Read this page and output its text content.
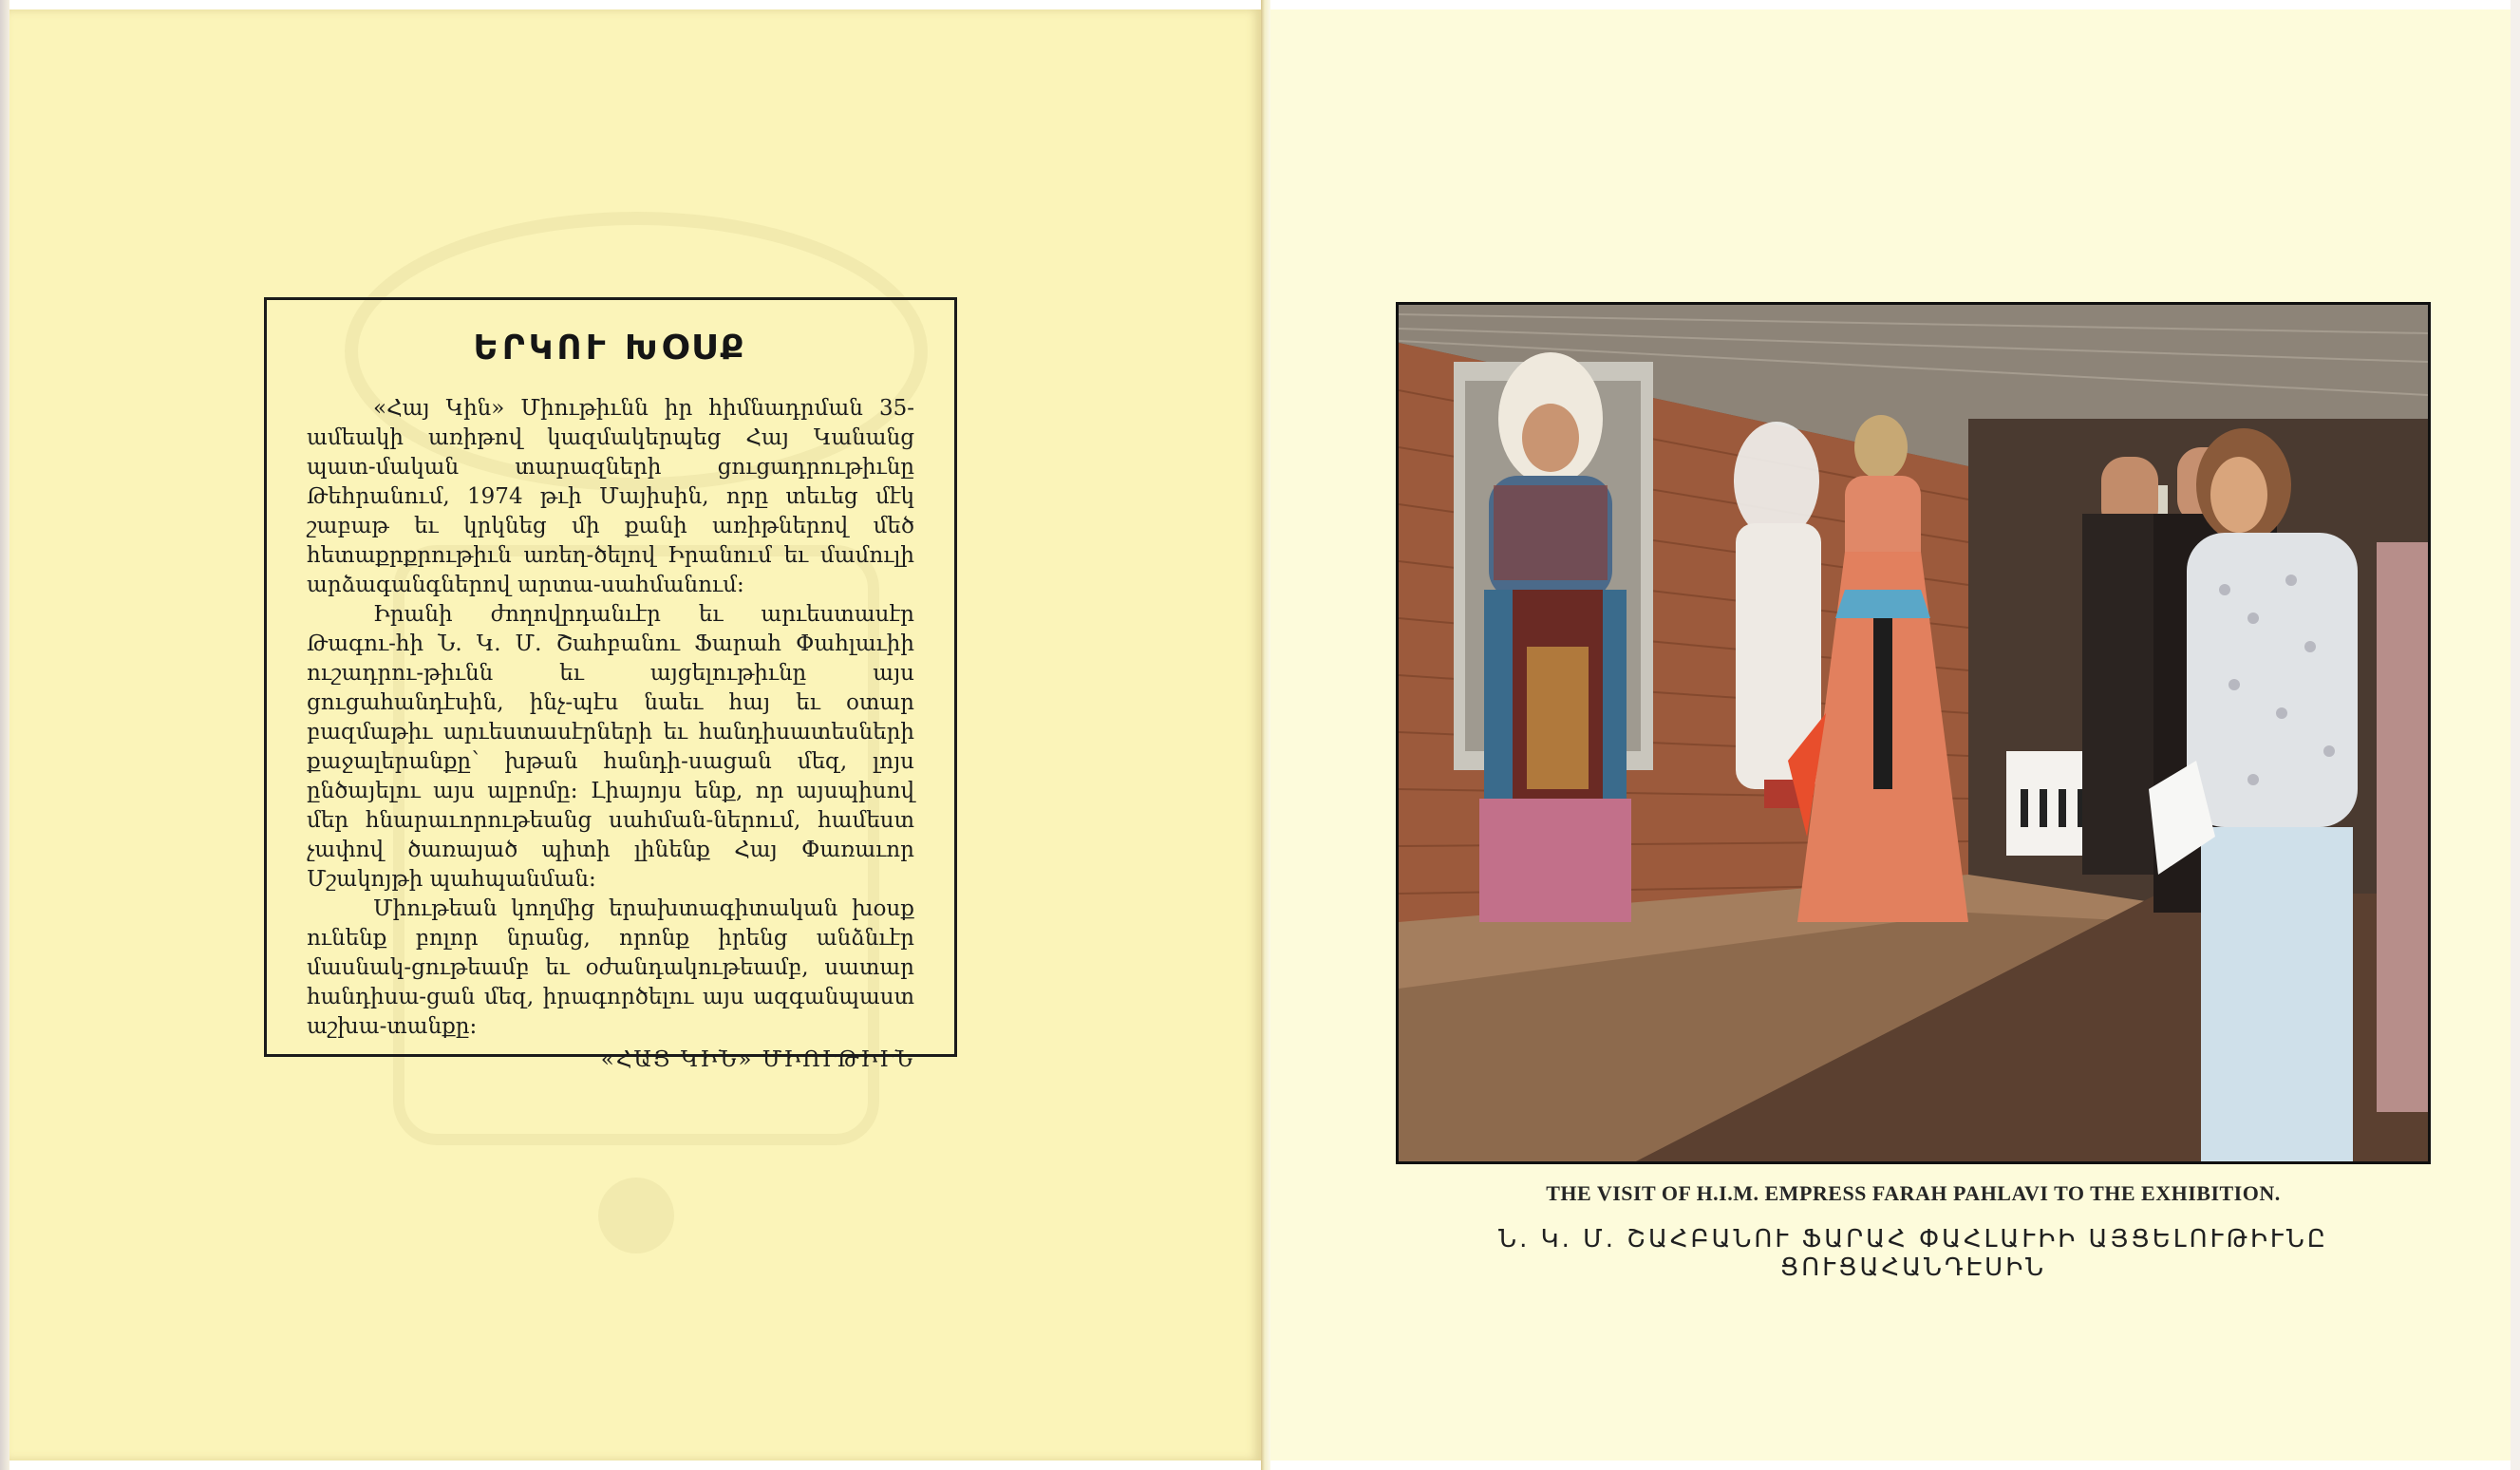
ԵՐԿՈՒ ԽՕՍՔ

«Հայ Կին» Միութիւնն իր հիմնադրման 35-ամեակի առիթով կազմակերպեց Հայ Կանանց պատ-մական տարազների ցուցադրութիւնը Թեհրանում, 1974 թւի Մայիսին, որը տեւեց մէկ շաբաթ եւ կրկնեց մի քանի առիթներով մեծ հետաքրքրութիւն առեղ-ծելով Իրանում եւ մամուլի արձագանգներով արտա-սահմանում:

Իրանի ժողովրդանւէր եւ արւեստասէր Թագու-հի Ն. Կ. Մ. Շահբանու Ֆարահ Փահլաւիի ուշադրու-թիւնն եւ այցելութիւնը այս ցուցահանդէսին, ինչ-պէս նաեւ հայ եւ օտար բազմաթիւ արւեստասէրների եւ հանդիսատեսների քաջալերանքը՝ խթան հանդի-սացան մեզ, լոյս ընծայելու այս ալբոմը: Լիայոյս ենք, որ այսպիսով մեր հնարաւորութեանց սահման-ներում, համեստ չափով ծառայած պիտի լինենք Հայ Փառաւոր Մշակոյթի պահպանման:

Միութեան կողմից երախտագիտական խօսք ունենք բոլոր նրանց, որոնք իրենց անձնւէր մասնակ-ցութեամբ եւ օժանդակութեամբ, սատար հանդիսա-ցան մեզ, իրագործելու այս ազգանպաստ աշխա-տանքը:

«ՀԱՅ ԿԻՆ» ՄԻՈՒԹԻՒՆ
THE VISIT OF H.I.M. EMPRESS FARAH PAHLAVI TO THE EXHIBITION.
Ն. Կ. Մ. ՇԱՀԲԱՆՈՒ ՖԱՐԱՀ ՓԱՀԼԱՒԻԻ ԱՅՑԵԼՈՒԹԻՒՆԸ ՑՈՒՑԱՀԱՆԴԷՍԻՆ
